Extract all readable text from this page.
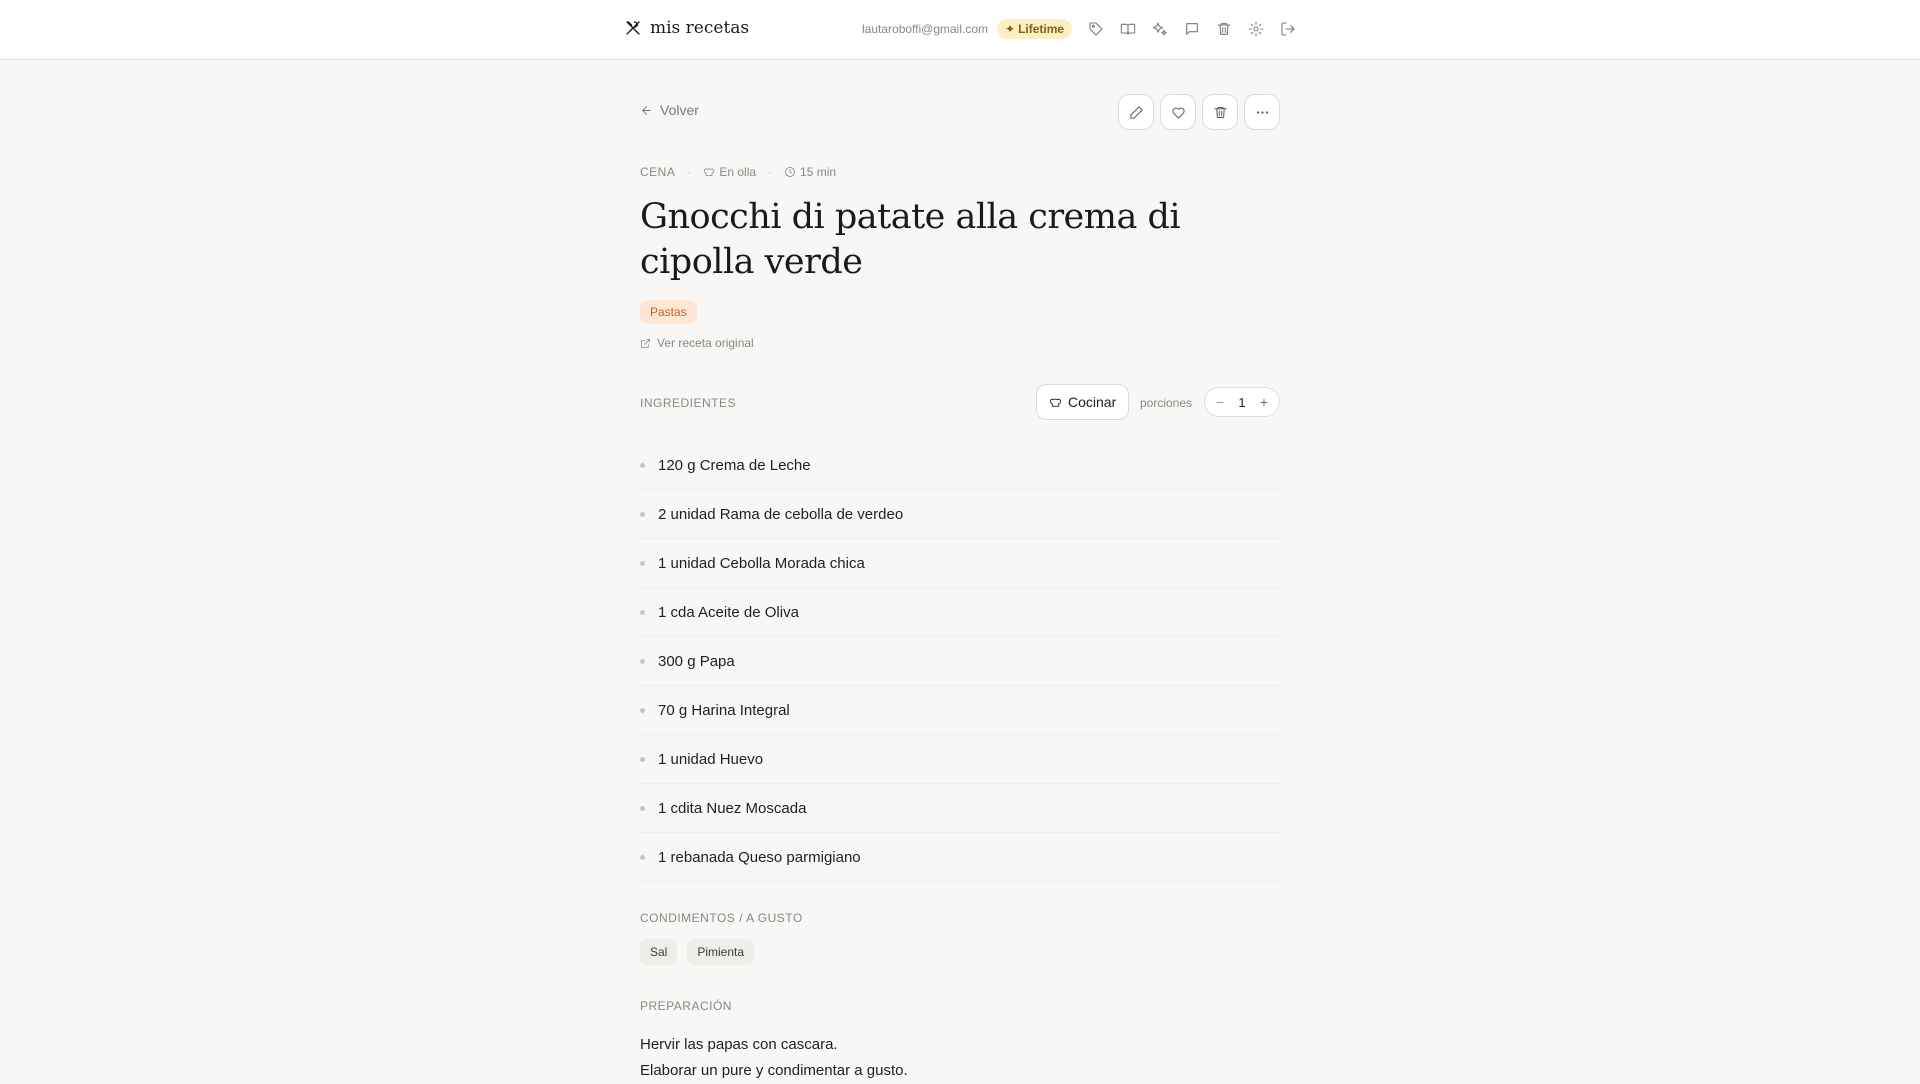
mis recetas	lautaroboffi@gmail.com ✦ Lifetime
Volver
CENA · En olla · 15 min
Gnocchi di patate alla crema di cipolla verde
Pastas
Ver receta original
INGREDIENTES	Cocinar porciones − 1 +
120 g Crema de Leche
2 unidad Rama de cebolla de verdeo
1 unidad Cebolla Morada chica
1 cda Aceite de Oliva
300 g Papa
70 g Harina Integral
1 unidad Huevo
1 cdita Nuez Moscada
1 rebanada Queso parmigiano
CONDIMENTOS / A GUSTO
Sal	Pimienta
PREPARACIÓN
Hervir las papas con cascara.
Elaborar un pure y condimentar a gusto.
